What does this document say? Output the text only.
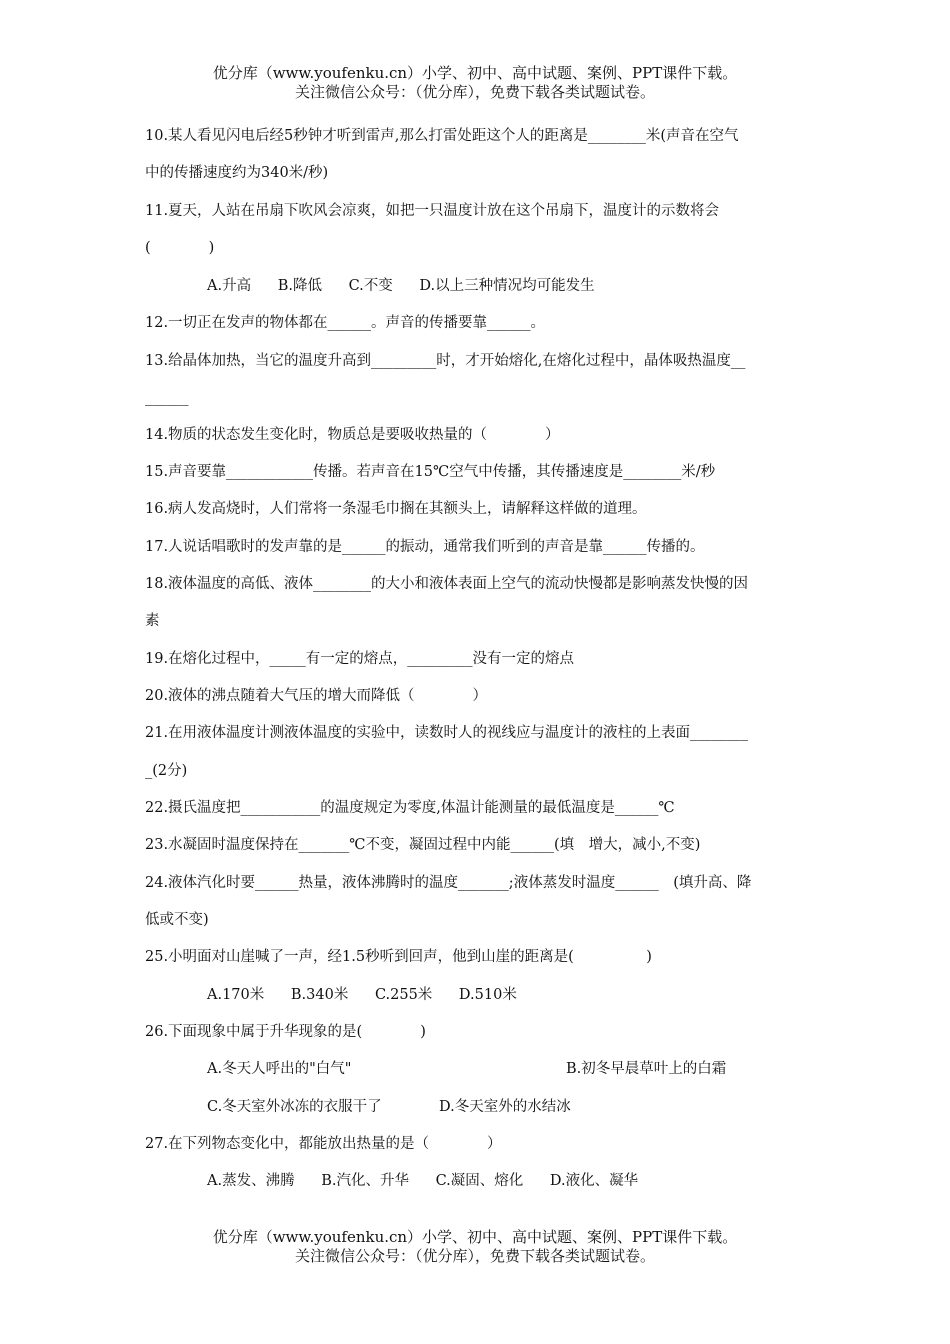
优分库（www.youfenku.cn）小学、初中、高中试题、案例、PPT课件下载。
关注微信公众号：（优分库），免费下载各类试题试卷。
10.某人看见闪电后经5秒钟才听到雷声,那么打雷处距这个人的距离是________米(声音在空气
中的传播速度约为340米/秒)
11.夏天，人站在吊扇下吹风会凉爽，如把一只温度计放在这个吊扇下，温度计的示数将会
(　　　　)
A.升高 B.降低 C.不变 D.以上三种情况均可能发生
12.一切正在发声的物体都在______。声音的传播要靠______。
13.给晶体加热，当它的温度升高到_________时，才开始熔化,在熔化过程中，晶体吸热温度__
______
14.物质的状态发生变化时，物质总是要吸收热量的（　　　　）
15.声音要靠____________传播。若声音在15℃空气中传播，其传播速度是________米/秒
16.病人发高烧时，人们常将一条湿毛巾搁在其额头上，请解释这样做的道理。
17.人说话唱歌时的发声靠的是______的振动，通常我们听到的声音是靠______传播的。
18.液体温度的高低、液体________的大小和液体表面上空气的流动快慢都是影响蒸发快慢的因
素
19.在熔化过程中，_____有一定的熔点，_________没有一定的熔点
20.液体的沸点随着大气压的增大而降低（　　　　）
21.在用液体温度计测液体温度的实验中，读数时人的视线应与温度计的液柱的上表面________
_(2分)
22.摄氏温度把___________的温度规定为零度,体温计能测量的最低温度是______℃
23.水凝固时温度保持在_______℃不变，凝固过程中内能______(填　增大，减小,不变)
24.液体汽化时要______热量，液体沸腾时的温度_______;液体蒸发时温度______　(填升高、降
低或不变)
25.小明面对山崖喊了一声，经1.5秒听到回声，他到山崖的距离是(　　　　　)
A.170米 B.340米 C.255米 D.510米
26.下面现象中属于升华现象的是(　　　　)
A.冬天人呼出的"白气"	B.初冬早晨草叶上的白霜
C.冬天室外冰冻的衣服干了	D.冬天室外的水结冰
27.在下列物态变化中，都能放出热量的是（　　　　）
A.蒸发、沸腾 B.汽化、升华 C.凝固、熔化 D.液化、凝华
优分库（www.youfenku.cn）小学、初中、高中试题、案例、PPT课件下载。
关注微信公众号：（优分库），免费下载各类试题试卷。
